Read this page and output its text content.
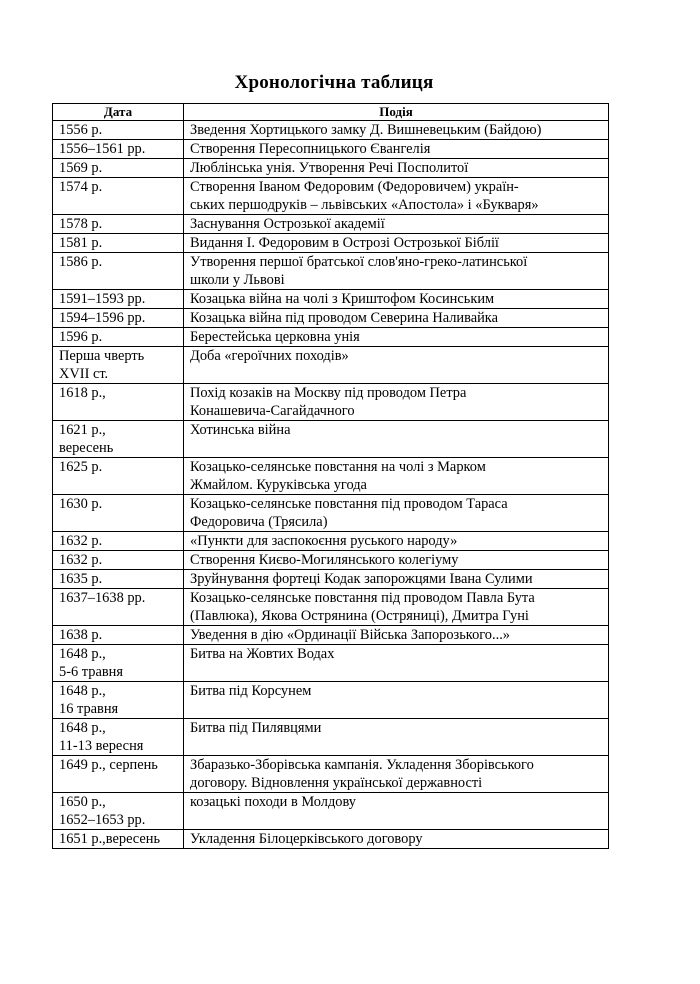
Хронологічна таблиця
Дата	Подія

1556 р.	Зведення Хортицького замку Д. Вишневецьким (Байдою)

1556–1561 рр.	Створення Пересопницького Євангелія

1569 р.	Люблінська унія. Утворення Речі Посполитої

1574 р.	Створення Іваном Федоровим (Федоровичем) україн-
ських першодруків – львівських «Апостола» і «Букваря»

1578 р.	Заснування Острозької академії

1581 р.	Видання І. Федоровим в Острозі Острозької Біблії

1586 р.	Утворення першої братської слов'яно-греко-латинської
школи у Львові

1591–1593 рр.	Козацька війна на чолі з Криштофом Косинським

1594–1596 рр.	Козацька війна під проводом Северина Наливайка

1596 р.	Берестейська церковна унія

Перша чверть
XVII ст.	Доба «героїчних походів»

1618 р.,	Похід козаків на Москву під проводом Петра
Конашевича-Сагайдачного

1621 р.,
вересень	Хотинська війна

1625 р.	Козацько-селянське повстання на чолі з Марком
Жмайлом. Куруківська угода

1630 р.	Козацько-селянське повстання під проводом Тараса
Федоровича (Трясила)

1632 р.	«Пункти для заспокоєння руського народу»

1632 р.	Створення Києво-Могилянського колегіуму

1635 р.	Зруйнування фортеці Кодак запорожцями Івана Сулими

1637–1638 рр.	Козацько-селянське повстання під проводом Павла Бута
(Павлюка), Якова Острянина (Остряниці), Дмитра Гуні

1638 р.	Уведення в дію «Ординації Війська Запорозького...»

1648 р.,
5-6 травня	Битва на Жовтих Водах

1648 р.,
16 травня	Битва під Корсунем

1648 р.,
11-13 вересня	Битва під Пилявцями

1649 р., серпень	Збаразько-Зборівська кампанія. Укладення Зборівського
договору. Відновлення української державності

1650 р.,
1652–1653 рр.	козацькі походи в Молдову

1651 р.,вересень	Укладення Білоцерківського договору
